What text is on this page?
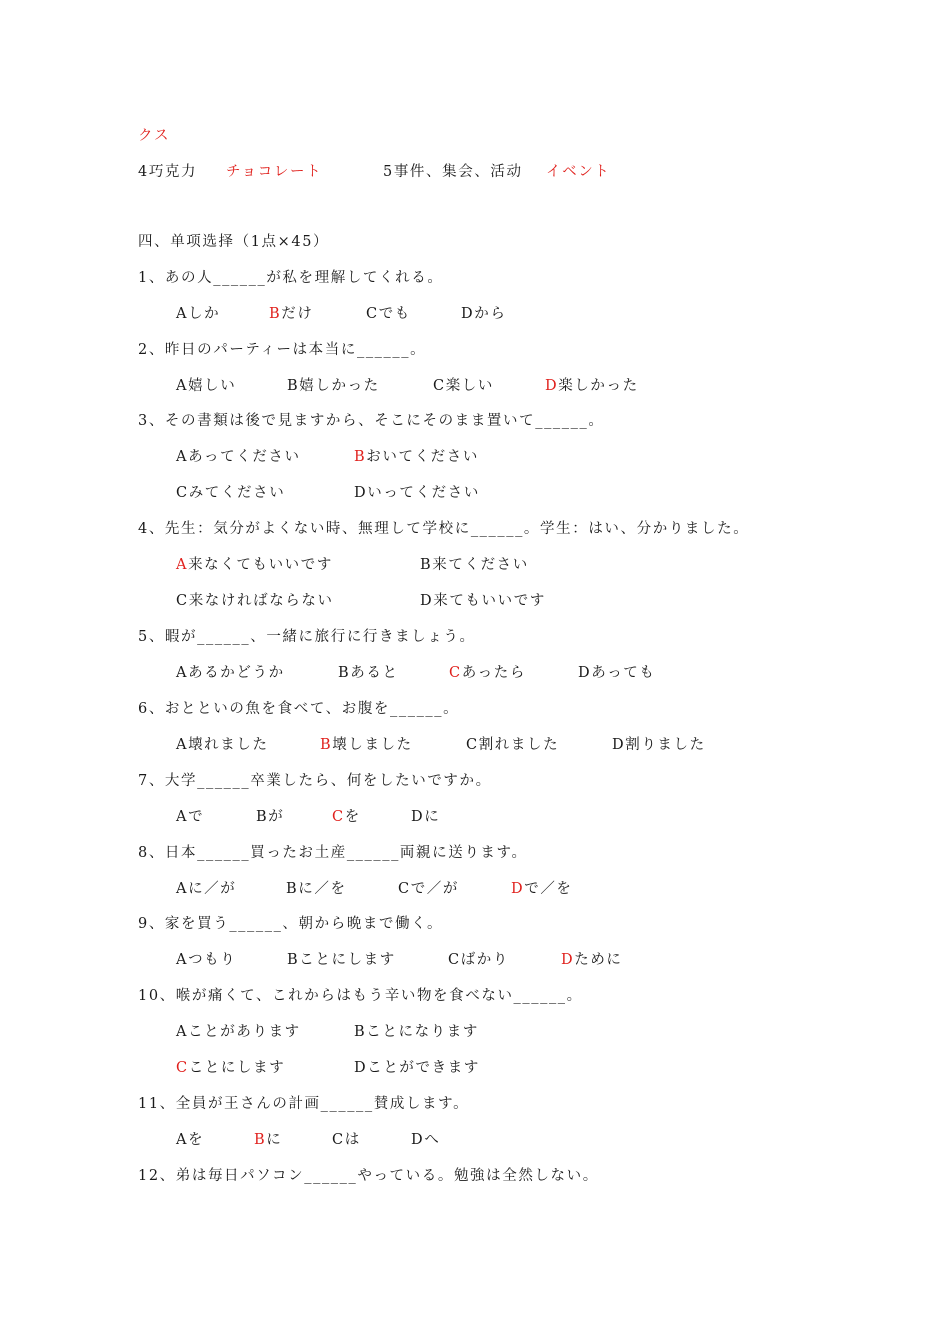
クス
4巧克力 チョコレート	5事件、集会、活动 イベント
四、单项选择（1点×45）
1、あの人______が私を理解してくれる。
Aしか	Bだけ	Cでも	Dから
2、昨日のパーティーは本当に______。
A嬉しい	B嬉しかった	C楽しい	D楽しかった
3、その書類は後で見ますから、そこにそのまま置いて______。
Aあってください	Bおいてください
Cみてください	Dいってください
4、先生：気分がよくない時、無理して学校に______。学生：はい、分かりました。
A来なくてもいいです	B来てください
C来なければならない	D来てもいいです
5、暇が______、一緒に旅行に行きましょう。
Aあるかどうか	Bあると	Cあったら	Dあっても
6、おとといの魚を食べて、お腹を______。
A壊れました	B壊しました	C割れました	D割りました
7、大学______卒業したら、何をしたいですか。
Aで	Bが	Cを	Dに
8、日本______買ったお土産______両親に送ります。
Aに／が	Bに／を	Cで／が	Dで／を
9、家を買う______、朝から晩まで働く。
Aつもり	Bことにします	Cばかり	Dために
10、喉が痛くて、これからはもう辛い物を食べない______。
Aことがあります	Bことになります
Cことにします	Dことができます
11、全員が王さんの計画______賛成します。
Aを	Bに	Cは	Dへ
12、弟は毎日パソコン______やっている。勉強は全然しない。
